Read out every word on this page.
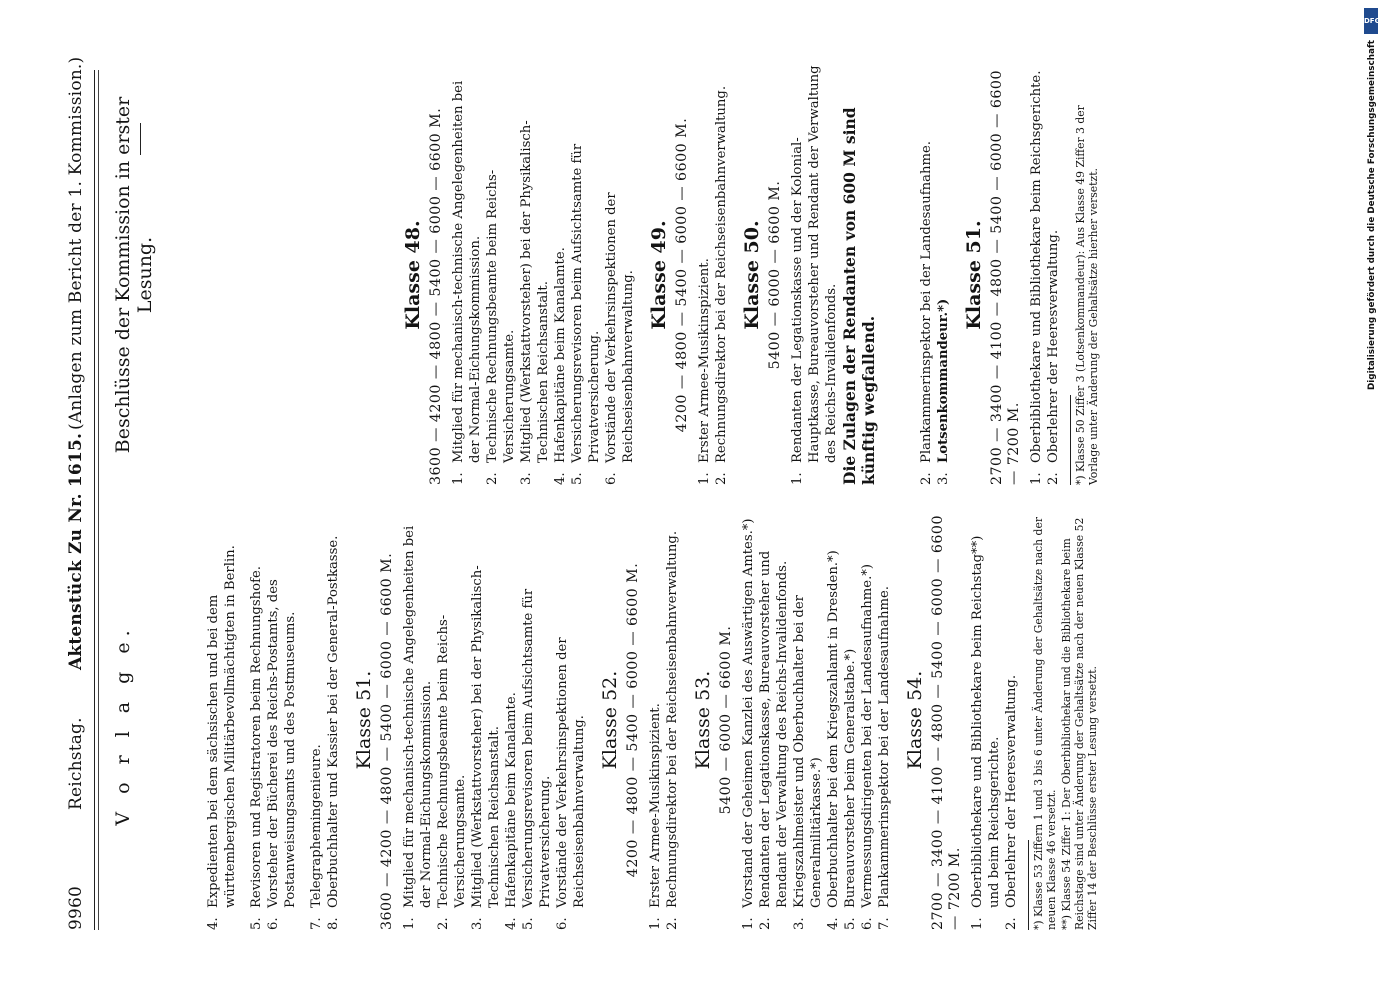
9960
Reichstag.
Aktenstück Zu Nr. 1615.
(Anlagen zum Bericht der 1. Kommission.)
V o r l a g e.
Beschlüsse der Kommission in erster Lesung.
4.

Expedienten bei dem sächsischen und bei dem württembergischen Militärbevollmächtigten in Berlin.

5.

Revisoren und Registratoren beim Rechnungshofe.

6.

Vorsteher der Bücherei des Reichs-Postamts, des Postanweisungsamts und des Postmuseums.

7.

Telegraphemingenieure.

8.

Oberbuchhalter und Kassier bei der General-Postkasse. Klasse 51. 3600 — 4200 — 4800 — 5400 — 6000 — 6600 M. 1.

Mitglied für mechanisch-technische Angelegenheiten bei der Normal-Eichungskommission.

2.

Technische Rechnungsbeamte beim Reichs-Versicherungsamte.

3.

Mitglied (Werkstattvorsteher) bei der Physikalisch-Technischen Reichsanstalt.

4.

Hafenkapitäne beim Kanalamte.

5.

Versicherungsrevisoren beim Aufsichtsamte für Privatversicherung.

6.

Vorstände der Verkehrsinspektionen der Reichseisenbahnverwaltung. Klasse 52. 4200 — 4800 — 5400 — 6000 — 6600 M.
1.

Erster Armee-Musikinspizient.

2.

Rechnungsdirektor bei der Reichseisenbahnverwaltung. Klasse 53. 5400 — 6000 — 6600 M.
1.

Vorstand der Geheimen Kanzlei des Auswärtigen Amtes.*)

2.

Rendanten der Legationskasse, Bureauvorsteher und Rendant der Verwaltung des Reichs-Invalidenfonds.

3.

Kriegszahlmeister und Oberbuchhalter bei der Generalmilitärkasse.*)

4.

Oberbuchhalter bei dem Kriegszahlamt in Dresden.*)

5.

Bureauvorsteher beim Generalstabe.*)

6.

Vermessungsdirigenten bei der Landesaufnahme.*)

7.

Plankammerinspektor bei der Landesaufnahme. Klasse 54. 2700 — 3400 — 4100 — 4800 — 5400 — 6000 — 6600 — 7200 M. 1.

Oberbibliothekare und Bibliothekare beim Reichstag**) und beim Reichsgerichte.

2.

Oberlehrer der Heeresverwaltung. *) Klasse 53 Ziffern 1 und 3 bis 6 unter Änderung der Gehaltsätze nach der neuen Klasse 46 versetzt. **) Klasse 54 Ziffer 1: Der Oberbibliothekar und die Bibliothekare beim Reichstage sind unter Änderung der Gehaltsätze nach der neuen Klasse 52 Ziffer 14 der Beschlüsse erster Lesung versetzt.

Klasse 48. 3600 — 4200 — 4800 — 5400 — 6000 — 6600 M. 1.

Mitglied für mechanisch-technische Angelegenheiten bei der Normal-Eichungskommission.

2.

Technische Rechnungsbeamte beim Reichs-Versicherungsamte.

3.

Mitglied (Werkstattvorsteher) bei der Physikalisch-Technischen Reichsanstalt.

4.

Hafenkapitäne beim Kanalamte.

5.

Versicherungsrevisoren beim Aufsichtsamte für Privatversicherung.

6.

Vorstände der Verkehrsinspektionen der Reichseisenbahnverwaltung. Klasse 49. 4200 — 4800 — 5400 — 6000 — 6600 M.
1.

Erster Armee-Musikinspizient.

2.

Rechnungsdirektor bei der Reichseisenbahnverwaltung. Klasse 50. 5400 — 6000 — 6600 M.
1.

Rendanten der Legationskasse und der Kolonial-Hauptkasse, Bureauvorsteher und Rendant der Verwaltung des Reichs-Invalidenfonds. Die Zulagen der Rendanten von 600 M sind künftig wegfallend.	2.

Plankammerinspektor bei der Landesaufnahme.

3.

Lotsenkommandeur.*)

Klasse 51. 2700 — 3400 — 4100 — 4800 — 5400 — 6000 — 6600 — 7200 M. 1.

Oberbibliothekare und Bibliothekare beim Reichsgerichte.

2.

Oberlehrer der Heeresverwaltung. *) Klasse 50 Ziffer 3 (Lotsenkommandeur): Aus Klasse 49 Ziffer 3 der Vorlage unter Änderung der Gehaltsätze hierher versetzt.

DFG
Digitalisierung gefördert durch die Deutsche Forschungsgemeinschaft
